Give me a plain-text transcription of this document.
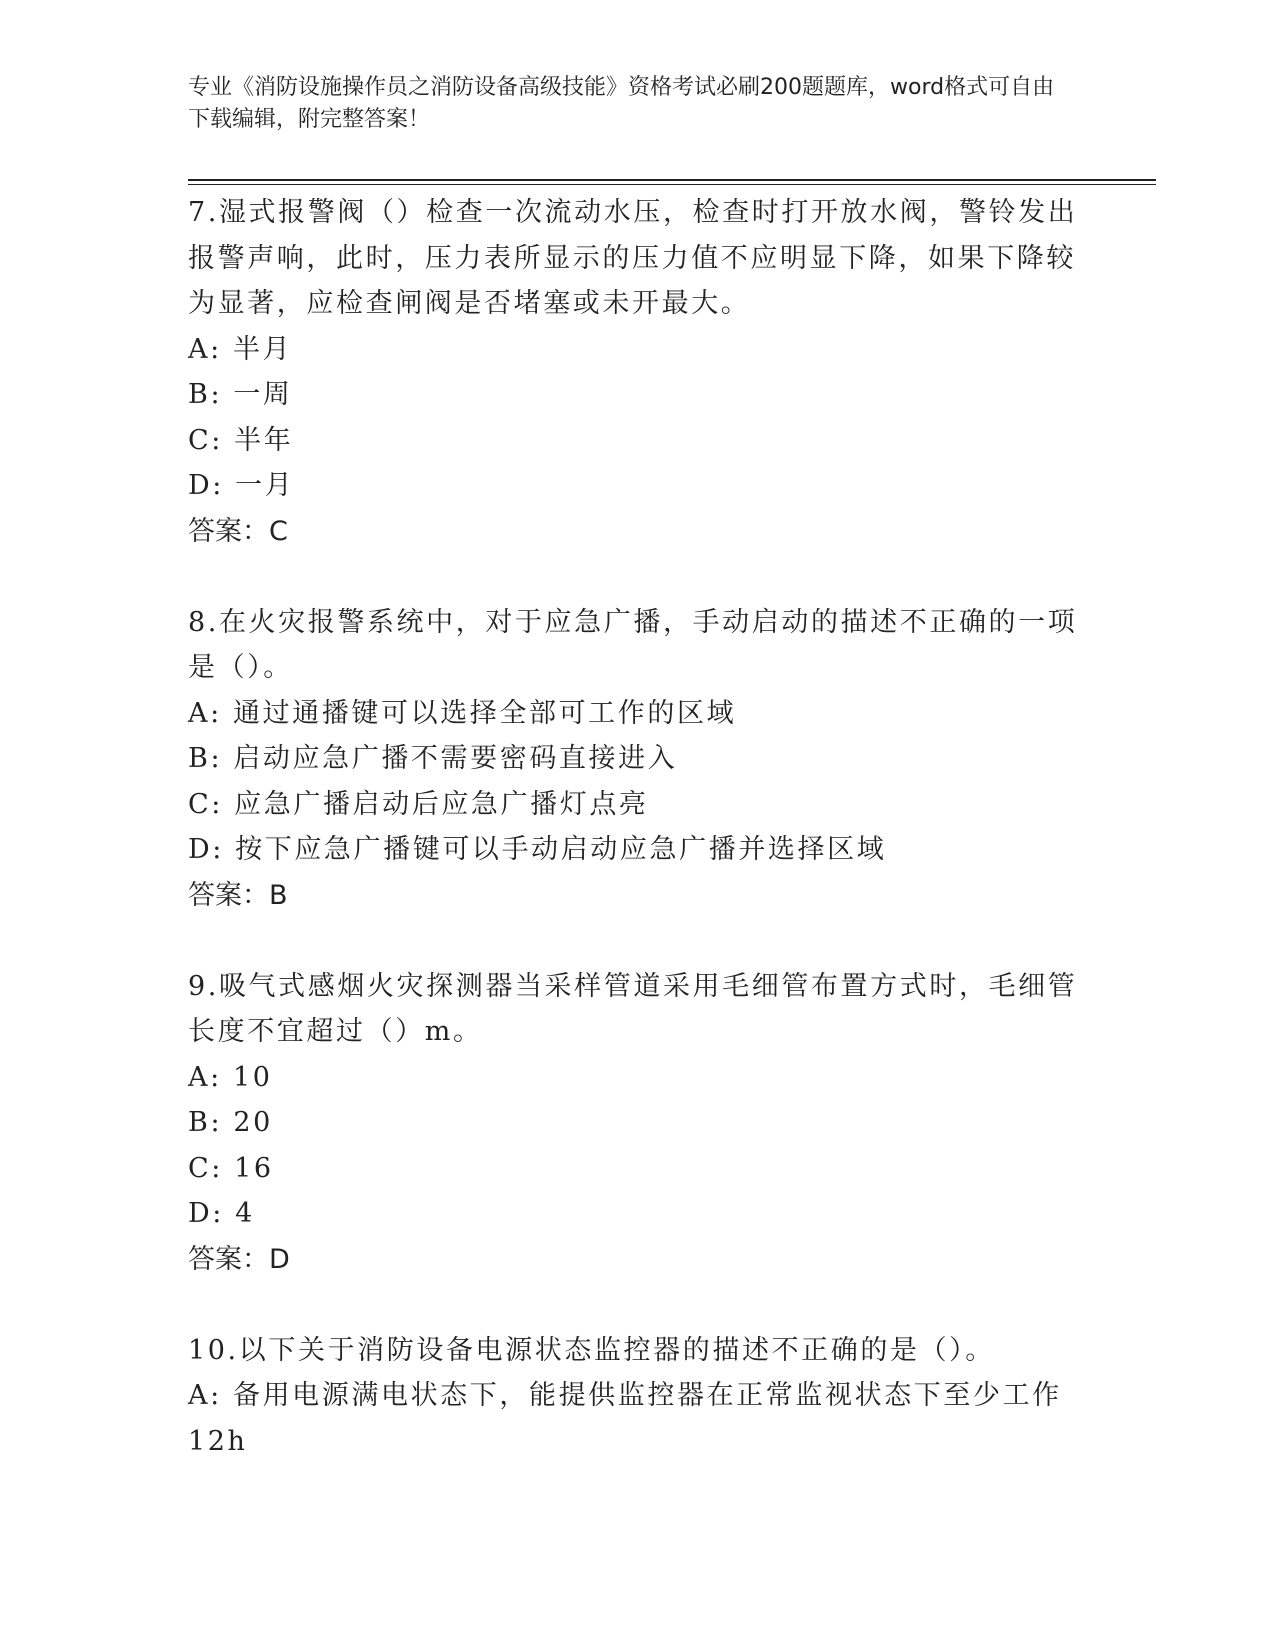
专业《消防设施操作员之消防设备高级技能》资格考试必刷200题题库，word格式可自由下载编辑，附完整答案！

7.湿式报警阀（）检查一次流动水压，检查时打开放水阀，警铃发出报警声响，此时，压力表所显示的压力值不应明显下降，如果下降较为显著，应检查闸阀是否堵塞或未开最大。

A: 半月

B: 一周

C: 半年

D: 一月

答案：C

8.在火灾报警系统中，对于应急广播，手动启动的描述不正确的一项是（）。

A: 通过通播键可以选择全部可工作的区域

B: 启动应急广播不需要密码直接进入

C: 应急广播启动后应急广播灯点亮

D: 按下应急广播键可以手动启动应急广播并选择区域

答案：B

9.吸气式感烟火灾探测器当采样管道采用毛细管布置方式时，毛细管长度不宜超过（）m。

A: 10

B: 20

C: 16

D: 4

答案：D

10.以下关于消防设备电源状态监控器的描述不正确的是（）。

A: 备用电源满电状态下，能提供监控器在正常监视状态下至少工作12h
